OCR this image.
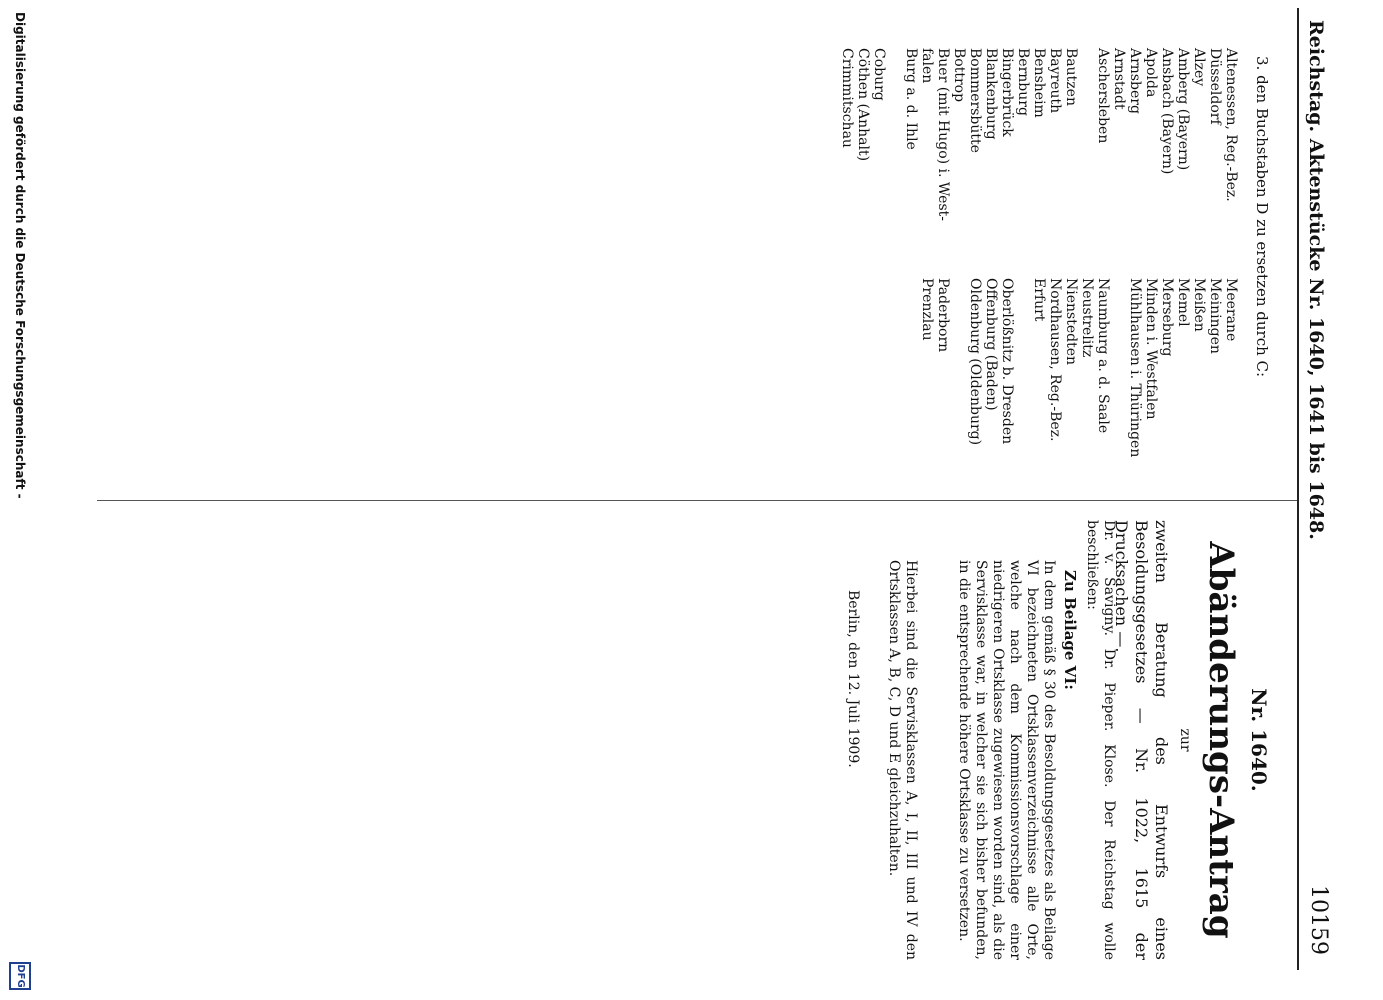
Reichstag. Aktenstücke Nr. 1640, 1641 bis 1648.
10159
3. den Buchstaben D zu ersetzen durch C:
Altenessen, Reg.-Bez.
Düsseldorf
Alzey
Amberg (Bayern)
Ansbach (Bayern)
Apolda
Arnsberg
Arnstadt
Aschersleben

Bautzen
Bayreuth
Bensheim
Bernburg
Bingerbrück
Blankenburg
Bommersbütte
Bottrop
Buer (mit Hugo) i. West-
falen
Burg a. d. Ihle

Coburg
Cöthen (Anhalt)
Crimmitschau
Meerane
Meiningen
Meißen
Memel
Merseburg
Minden i. Westfalen
Mühlhausen i. Thüringen

Naumburg a. d. Saale
Neustrelitz
Nienstedten
Nordhausen, Reg.-Bez.
Erfurt

Oberlößnitz b. Dresden
Offenburg (Baden)
Oldenburg (Oldenburg)

Paderborn
Prenzlau
Nr. 1640.
Abänderungs-Antrag
zur
zweiten Beratung des Entwurfs eines Besoldungsgesetzes — Nr. 1022, 1615 der Drucksachen —.
Dr. v. Savigny. Dr. Pieper. Klose. Der Reichstag wolle beschließen:
Zu Beilage VI:
In dem gemäß § 30 des Besoldungsgesetzes als Beilage VI bezeichneten Ortsklassenverzeichnisse alle Orte, welche nach dem Kommissionsvorschlage einer niedrigeren Ortsklasse zugewiesen worden sind, als die Servisklasse war, in welcher sie sich bisher befunden, in die entsprechende höhere Ortsklasse zu versetzen.
Hierbei sind die Servisklassen A, I, II, III und IV den Ortsklassen A, B, C, D und E gleichzuhalten.
Berlin, den 12. Juli 1909.
Digitalisierung gefördert durch die Deutsche Forschungsgemeinschaft -
DFG
